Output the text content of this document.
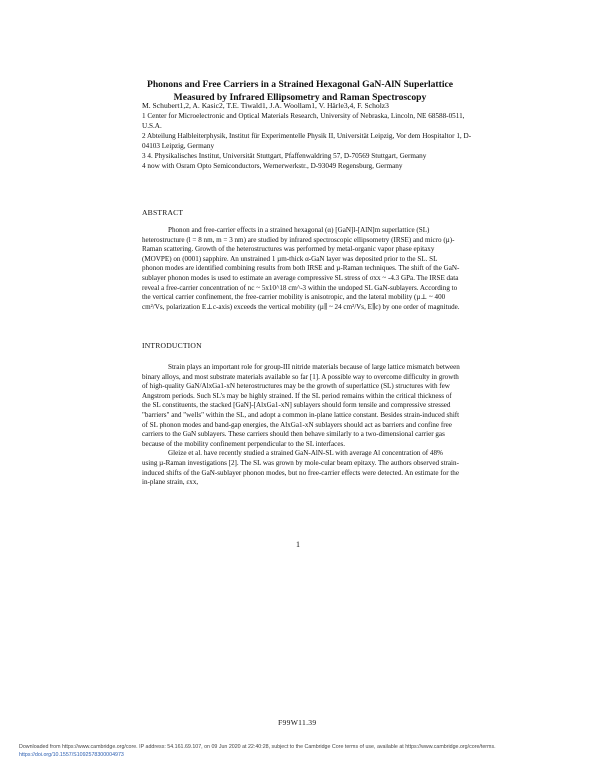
Phonons and Free Carriers in a Strained Hexagonal GaN-AlN Superlattice
Measured by Infrared Ellipsometry and Raman Spectroscopy
M. Schubert1,2, A. Kasic2, T.E. Tiwald1, J.A. Woollam1, V. Härle3,4, F. Scholz3

1 Center for Microelectronic and Optical Materials Research, University of Nebraska, Lincoln, NE 68588-0511, U.S.A.

2 Abteilung Halbleiterphysik, Institut für Experimentelle Physik II, Universität Leipzig, Vor dem Hospitaltor 1, D-04103 Leipzig, Germany

3 4. Physikalisches Institut, Universität Stuttgart, Pfaffenwaldring 57, D-70569 Stuttgart, Germany

4 now with Osram Opto Semiconductors, Wernerwerkstr., D-93049 Regensburg, Germany

ABSTRACT

Phonon and free-carrier effects in a strained hexagonal (α) [GaN]l-[AlN]m superlattice (SL) heterostructure (l = 8 nm, m = 3 nm) are studied by infrared spectroscopic ellipsometry (IRSE) and micro (µ)-Raman scattering. Growth of the heterostructures was performed by metal-organic vapor phase epitaxy (MOVPE) on (0001) sapphire. An unstrained 1 µm-thick α-GaN layer was deposited prior to the SL. SL phonon modes are identified combining results from both IRSE and µ-Raman techniques. The shift of the GaN-sublayer phonon modes is used to estimate an average compressive SL stress of σxx ~ -4.3 GPa. The IRSE data reveal a free-carrier concentration of nc ~ 5x10^18 cm^-3 within the undoped SL GaN-sublayers. According to the vertical carrier confinement, the free-carrier mobility is anisotropic, and the lateral mobility (µ⊥ ~ 400 cm²/Vs, polarization E⊥c-axis) exceeds the vertical mobility (µ∥ ~ 24 cm²/Vs, E∥c) by one order of magnitude.

INTRODUCTION

Strain plays an important role for group-III nitride materials because of large lattice mismatch between binary alloys, and most substrate materials available so far [1]. A possible way to overcome difficulty in growth of high-quality GaN/AlxGa1-xN heterostructures may be the growth of superlattice (SL) structures with few Angstrom periods. Such SL's may be highly strained. If the SL period remains within the critical thickness of the SL constituents, the stacked [GaN]-[AlxGa1-xN] sublayers should form tensile and compressive stressed "barriers" and "wells" within the SL, and adopt a common in-plane lattice constant. Besides strain-induced shift of SL phonon modes and band-gap energies, the AlxGa1-xN sublayers should act as barriers and confine free carriers to the GaN sublayers. These carriers should then behave similarly to a two-dimensional carrier gas because of the mobility confinement perpendicular to the SL interfaces.

Gleize et al. have recently studied a strained GaN-AlN-SL with average Al concentration of 48% using µ-Raman investigations [2]. The SL was grown by mole-cular beam epitaxy. The authors observed strain-induced shifts of the GaN-sublayer phonon modes, but no free-carrier effects were detected. An estimate for the in-plane strain, εxx,

1
F99W11.39
Downloaded from https://www.cambridge.org/core. IP address: 54.161.69.107, on 09 Jun 2020 at 22:40:28, subject to the Cambridge Core terms of use, available at https://www.cambridge.org/core/terms.
https://doi.org/10.1557/S1092578300004973
